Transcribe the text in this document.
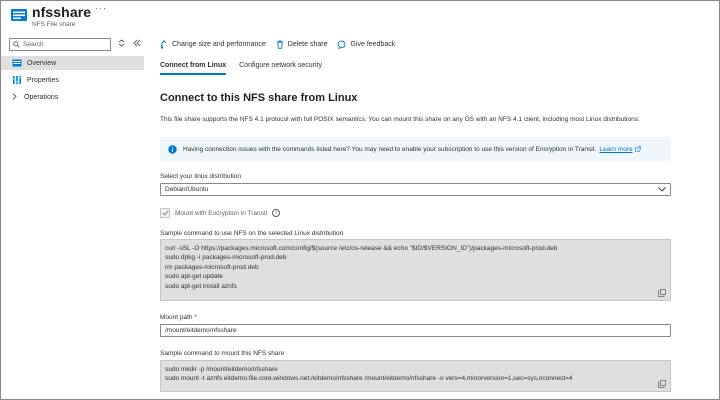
nfsshare ···
NFS File share
Search
Overview
Properties
Operations
Change size and performance	Delete share	Give feedback
Connect from Linux Configure network security
Connect to this NFS share from Linux
This file share supports the NFS 4.1 protocol with full POSIX semantics. You can mount this share on any OS with an NFS 4.1 client, including most Linux distributions.
Having connection issues with the commands listed here? You may need to enable your subscription to use this version of Encryption in Transit. Learn more
Select your linux distribution
Debian/Ubuntu
Mount with Encryption in Transit	i
Sample command to use NFS on the selected Linux distribution
curl -sSL -O https://packages.microsoft.com/config/$(source /etc/os-release && echo "$ID/$VERSION_ID")/packages-microsoft-prod.deb
sudo dpkg -i packages-microsoft-prod.deb
rm packages-microsoft-prod.deb
sudo apt-get update
sudo apt-get install aznfs
Mount path *
/mount/eitdemo/nfsshare
Sample command to mount this NFS share
sudo mkdir -p /mount/eitdemo/nfsshare
sudo mount -t aznfs eitdemo.file.core.windows.net:/eitdemo/nfsshare /mount/eitdemo/nfsshare -o vers=4,minorversion=1,sec=sys,nconnect=4
